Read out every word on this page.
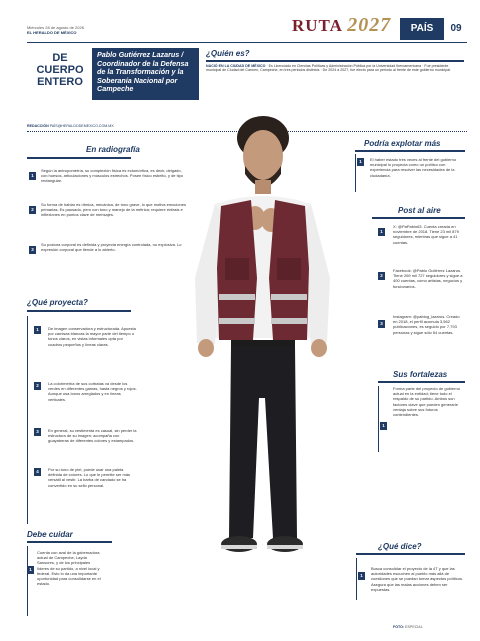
Miércoles 28 de agosto de 2026
EL HERALDO DE MÉXICO	RUTA 2027	PAÍS	09
DE CUERPO ENTERO
Pablo Gutiérrez Lazarus / Coordinador de la Defensa de la Transformación y la Soberanía Nacional por Campeche
¿Quién es?
NACIÓ EN LA CIUDAD DE MÉXICO · Es Licenciado en Ciencias Políticas y Administración Pública por la Universidad Iberoamericana · Fue presidente municipal de Ciudad del Carmen, Campeche, en tres periodos distintos · De 2024 a 2027, fue electo para un periodo al frente de este gobierno municipal.
REDACCIÓN PAÍS@HERALDODEMEXICO.COM.MX
En radiografía
1
Según la antropometría, su complexión física es ectomórfica, es decir, delgado, con huesos, articulaciones y músculos estrechos. Posee físico esbelto, y de tipo rectangular.
2
Su forma de hablar es rítmica, mecánica, de tono grave, lo que motiva emociones primarias. Es pausado, pero con tono y manejo de la métrica; requiere énfasis e inflexiones en puntos clave de mensajes.
3
Su postura corporal es definida y proyecta energía controlada, no explosiva. Lo expresión corporal que tiende a lo abierto.
¿Qué proyecta?
1	De imagen conservadora y estructurada. Apuesta por camisas blancas la mayor parte del tiempo o tonos claros, en vistas informales opta por cuadros pequeños y líneas claras.
2	La colorimetría de sus corbatas va desde los verdes en diferentes gamas, hasta negros y rojos. Aunque usa tonos arreglados y en líneas verticales.
3	En general, su vestimenta es casual, sin perder la estructura de su imagen; acompaña con guayaberas de diferentes colores y estampados.
4	Por su tono de piel, puede usar una paleta definida de colores. Lo que le permite ser más versátil al vestir. La barba de candado se ha convertido en su sello personal.
Debe cuidar
1
Cuenta con aval de la gobernadora actual de Campeche, Layda Sansores, y de los principales líderes de su partido, a nivel local y federal. Esto lo da una importante oportunidad para consolidarse en el estado.
Podría explotar más
1	El haber estado tres veces al frente del gobierno municipal lo proyecta como un político con experiencia para resolver las necesidades de la ciudadanía.
Post al aire
1
X: @PaPablo63. Cuenta creada en noviembre de 2018. Tiene 23 mil 879 seguidores, mientras que sigue a 41 cuentas.
2
Facebook: @Pablo Gutiérrez Lazarus. Tiene 269 mil 727 seguidores y sigue a 400 cuentas, como artistas, negocios y funcionarios.
3
Instagram: @pablog_lazarus. Creado en 2018, el perfil acumula 3,562 publicaciones, es seguido por 7,793 personas y sigue sólo 54 cuentas.
Sus fortalezas
1
Forma parte del proyecto de gobierno actual en la entidad; tiene todo el respaldo de su partido. Ambos son factores clave que pueden generarle ventaja sobre sus futuros contendientes.
¿Qué dice?
1
Busca consolidar el proyecto de la 4T y que las autoridades escuchen al pueblo más allá de cuestiones que se puedan tomar aspectos políticos. Asegura que las malas acciones deben ser expuestas.
FOTO: ESPECIAL
